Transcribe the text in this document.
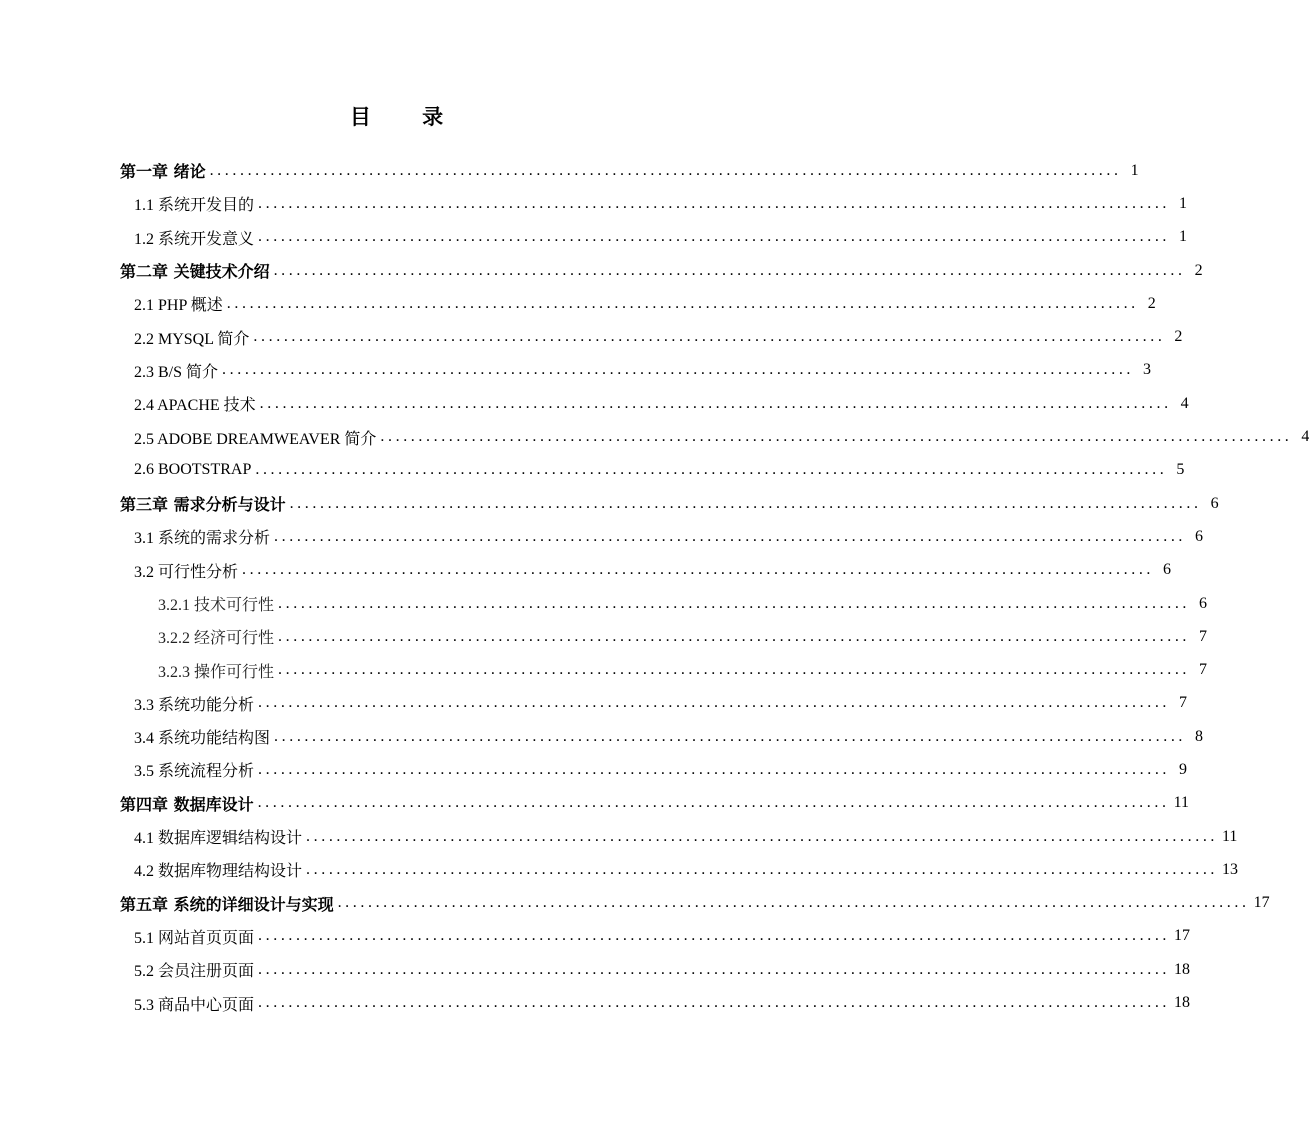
目 录
第一章 绪论 ........................................................................................................................ 1
1.1 系统开发目的 ........................................................................................................................ 1
1.2 系统开发意义 ........................................................................................................................ 1
第二章 关键技术介绍 ........................................................................................................................ 2
2.1 PHP 概述 ........................................................................................................................ 2
2.2 MYSQL 简介 ........................................................................................................................ 2
2.3 B/S 简介 ........................................................................................................................ 3
2.4 APACHE 技术 ........................................................................................................................ 4
2.5 ADOBE DREAMWEAVER 简介 ........................................................................................................................ 4
2.6 BOOTSTRAP ........................................................................................................................ 5
第三章 需求分析与设计 ........................................................................................................................ 6
3.1 系统的需求分析 ........................................................................................................................ 6
3.2 可行性分析 ........................................................................................................................ 6
3.2.1 技术可行性 ........................................................................................................................ 6
3.2.2 经济可行性 ........................................................................................................................ 7
3.2.3 操作可行性 ........................................................................................................................ 7
3.3 系统功能分析 ........................................................................................................................ 7
3.4 系统功能结构图 ........................................................................................................................ 8
3.5 系统流程分析 ........................................................................................................................ 9
第四章 数据库设计 ........................................................................................................................ 11
4.1 数据库逻辑结构设计 ........................................................................................................................ 11
4.2 数据库物理结构设计 ........................................................................................................................ 13
第五章 系统的详细设计与实现 ........................................................................................................................ 17
5.1 网站首页页面 ........................................................................................................................ 17
5.2 会员注册页面 ........................................................................................................................ 18
5.3 商品中心页面 ........................................................................................................................ 18
